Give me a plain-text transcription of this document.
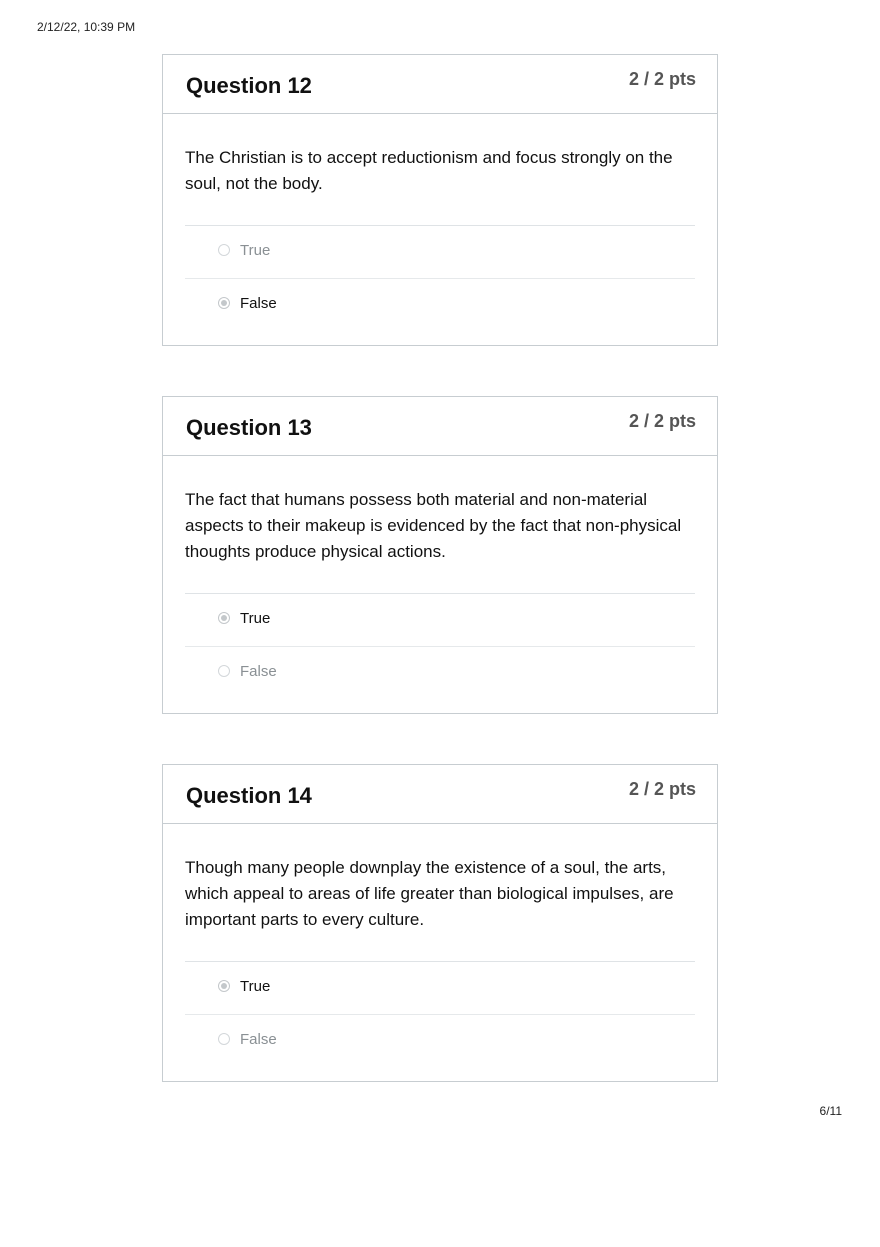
2/12/22, 10:39 PM
Question 12	2 / 2 pts

The Christian is to accept reductionism and focus strongly on the soul, not the body.

True
False
Question 13	2 / 2 pts

The fact that humans possess both material and non-material aspects to their makeup is evidenced by the fact that non-physical thoughts produce physical actions.

True
False
Question 14	2 / 2 pts

Though many people downplay the existence of a soul, the arts, which appeal to areas of life greater than biological impulses, are important parts to every culture.

True
False
6/11
